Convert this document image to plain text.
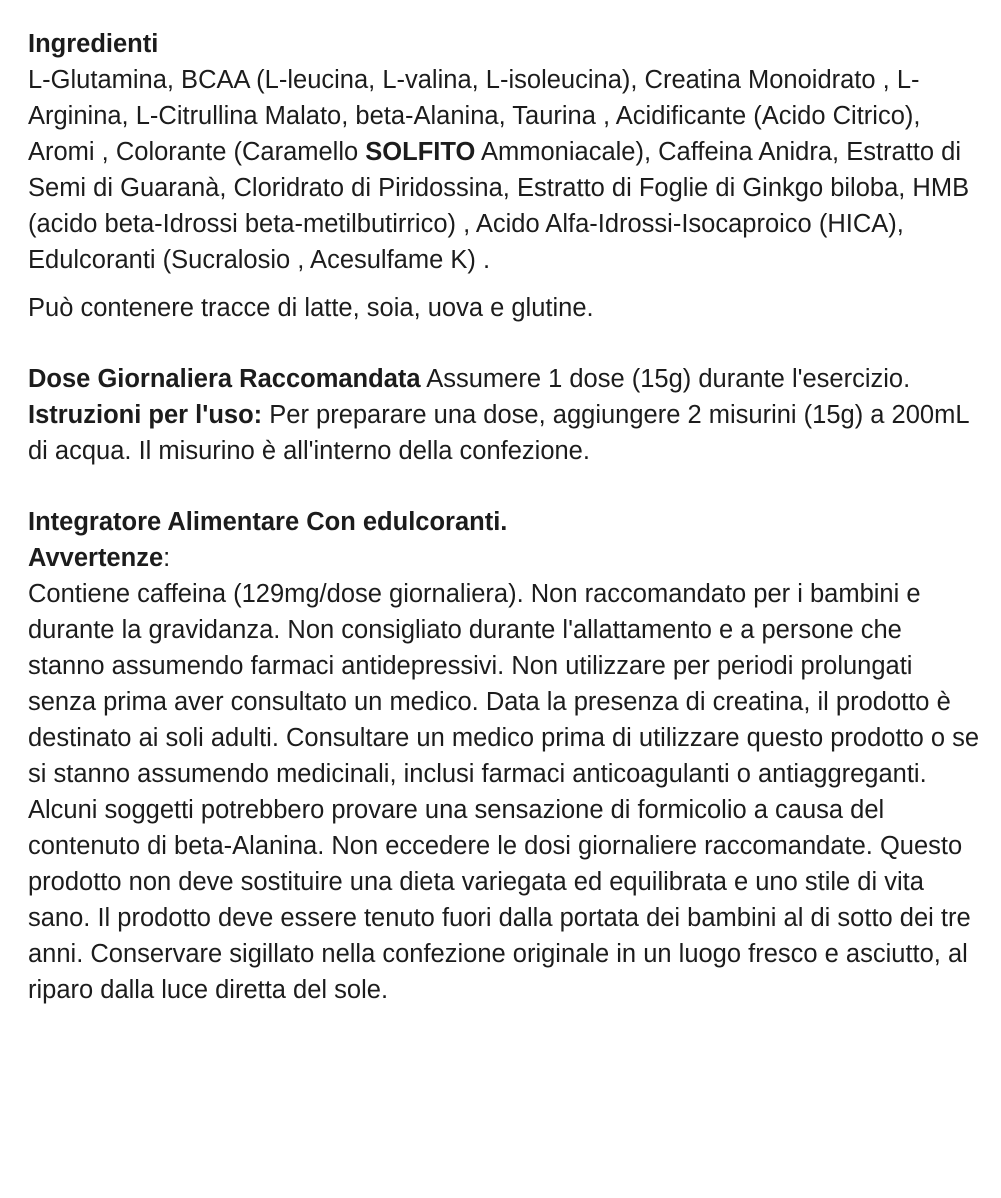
Ingredienti

L-Glutamina, BCAA (L-leucina, L-valina, L-isoleucina), Creatina Monoidrato , L-Arginina, L-Citrullina Malato, beta-Alanina, Taurina , Acidificante (Acido Citrico), Aromi , Colorante (Caramello SOLFITO Ammoniacale), Caffeina Anidra, Estratto di Semi di Guaranà, Cloridrato di Piridossina, Estratto di Foglie di Ginkgo biloba, HMB (acido beta-Idrossi beta-metilbutirrico) , Acido Alfa-Idrossi-Isocaproico (HICA), Edulcoranti (Sucralosio , Acesulfame K) .

Può contenere tracce di latte, soia, uova e glutine.

Dose Giornaliera Raccomandata Assumere 1 dose (15g) durante l'esercizio. Istruzioni per l'uso: Per preparare una dose, aggiungere 2 misurini (15g) a 200mL di acqua. Il misurino è all'interno della confezione.

Integratore Alimentare Con edulcoranti.

Avvertenze:

Contiene caffeina (129mg/dose giornaliera). Non raccomandato per i bambini e durante la gravidanza. Non consigliato durante l'allattamento e a persone che stanno assumendo farmaci antidepressivi. Non utilizzare per periodi prolungati senza prima aver consultato un medico. Data la presenza di creatina, il prodotto è destinato ai soli adulti. Consultare un medico prima di utilizzare questo prodotto o se si stanno assumendo medicinali, inclusi farmaci anticoagulanti o antiaggreganti. Alcuni soggetti potrebbero provare una sensazione di formicolio a causa del contenuto di beta-Alanina. Non eccedere le dosi giornaliere raccomandate. Questo prodotto non deve sostituire una dieta variegata ed equilibrata e uno stile di vita sano. Il prodotto deve essere tenuto fuori dalla portata dei bambini al di sotto dei tre anni. Conservare sigillato nella confezione originale in un luogo fresco e asciutto, al riparo dalla luce diretta del sole.
